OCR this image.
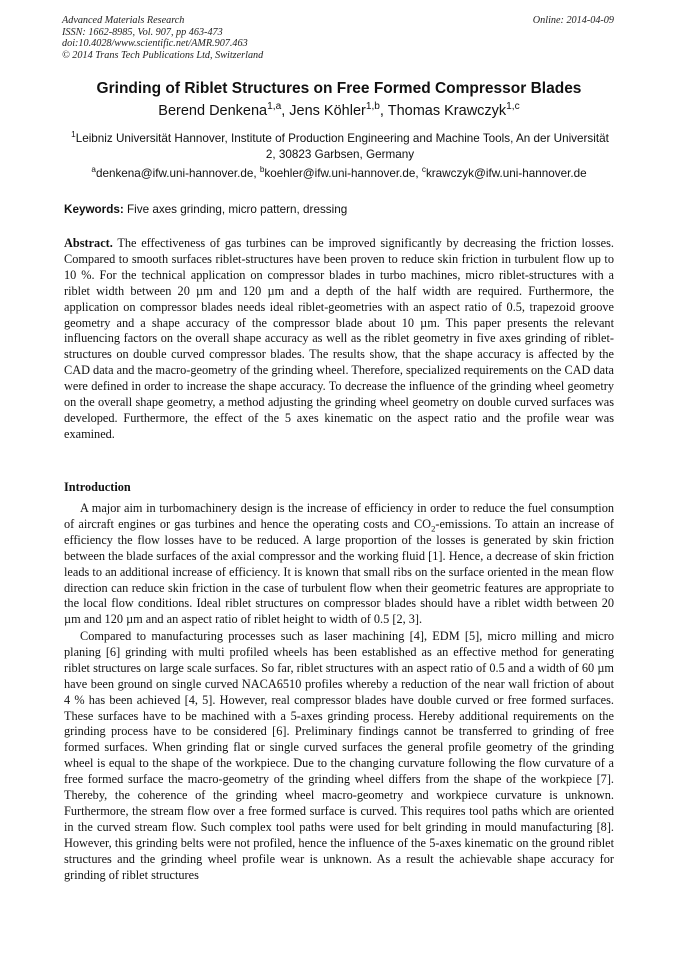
Advanced Materials Research
ISSN: 1662-8985, Vol. 907, pp 463-473
doi:10.4028/www.scientific.net/AMR.907.463
© 2014 Trans Tech Publications Ltd, Switzerland
Online: 2014-04-09
Grinding of Riblet Structures on Free Formed Compressor Blades
Berend Denkena$^{1,a}$, Jens Köhler$^{1,b}$, Thomas Krawczyk$^{1,c}$
$^1$Leibniz Universität Hannover, Institute of Production Engineering and Machine Tools, An der Universität 2, 30823 Garbsen, Germany
$^a$denkena@ifw.uni-hannover.de, $^b$koehler@ifw.uni-hannover.de, $^c$krawczyk@ifw.uni-hannover.de
Keywords: Five axes grinding, micro pattern, dressing

Abstract. The effectiveness of gas turbines can be improved significantly by decreasing the friction losses. Compared to smooth surfaces riblet-structures have been proven to reduce skin friction in turbulent flow up to 10 %. For the technical application on compressor blades in turbo machines, micro riblet-structures with a riblet width between 20 µm and 120 µm and a depth of the half width are required. Furthermore, the application on compressor blades needs ideal riblet-geometries with an aspect ratio of 0.5, trapezoid groove geometry and a shape accuracy of the compressor blade about 10 µm. This paper presents the relevant influencing factors on the overall shape accuracy as well as the riblet geometry in five axes grinding of riblet-structures on double curved compressor blades. The results show, that the shape accuracy is affected by the CAD data and the macro-geometry of the grinding wheel. Therefore, specialized requirements on the CAD data were defined in order to increase the shape accuracy. To decrease the influence of the grinding wheel geometry on the overall shape geometry, a method adjusting the grinding wheel geometry on double curved surfaces was developed. Furthermore, the effect of the 5 axes kinematic on the aspect ratio and the profile wear was examined.

Introduction

A major aim in turbomachinery design is the increase of efficiency in order to reduce the fuel consumption of aircraft engines or gas turbines and hence the operating costs and $CO_2$-emissions. To attain an increase of efficiency the flow losses have to be reduced. A large proportion of the losses is generated by skin friction between the blade surfaces of the axial compressor and the working fluid [1]. Hence, a decrease of skin friction leads to an additional increase of efficiency. It is known that small ribs on the surface oriented in the mean flow direction can reduce skin friction in the case of turbulent flow when their geometric features are appropriate to the local flow conditions. Ideal riblet structures on compressor blades should have a riblet width between 20 µm and 120 µm and an aspect ratio of riblet height to width of 0.5 [2, 3].

Compared to manufacturing processes such as laser machining [4], EDM [5], micro milling and micro planing [6] grinding with multi profiled wheels has been established as an effective method for generating riblet structures on large scale surfaces. So far, riblet structures with an aspect ratio of 0.5 and a width of 60 µm have been ground on single curved NACA6510 profiles whereby a reduction of the near wall friction of about 4 % has been achieved [4, 5]. However, real compressor blades have double curved or free formed surfaces. These surfaces have to be machined with a 5-axes grinding process. Hereby additional requirements on the grinding process have to be considered [6]. Preliminary findings cannot be transferred to grinding of free formed surfaces. When grinding flat or single curved surfaces the general profile geometry of the grinding wheel is equal to the shape of the workpiece. Due to the changing curvature following the flow curvature of a free formed surface the macro-geometry of the grinding wheel differs from the shape of the workpiece [7]. Thereby, the coherence of the grinding wheel macro-geometry and workpiece curvature is unknown. Furthermore, the stream flow over a free formed surface is curved. This requires tool paths which are oriented in the curved stream flow. Such complex tool paths were used for belt grinding in mould manufacturing [8]. However, this grinding belts were not profiled, hence the influence of the 5-axes kinematic on the ground riblet structures and the grinding wheel profile wear is unknown. As a result the achievable shape accuracy for grinding of riblet structures
